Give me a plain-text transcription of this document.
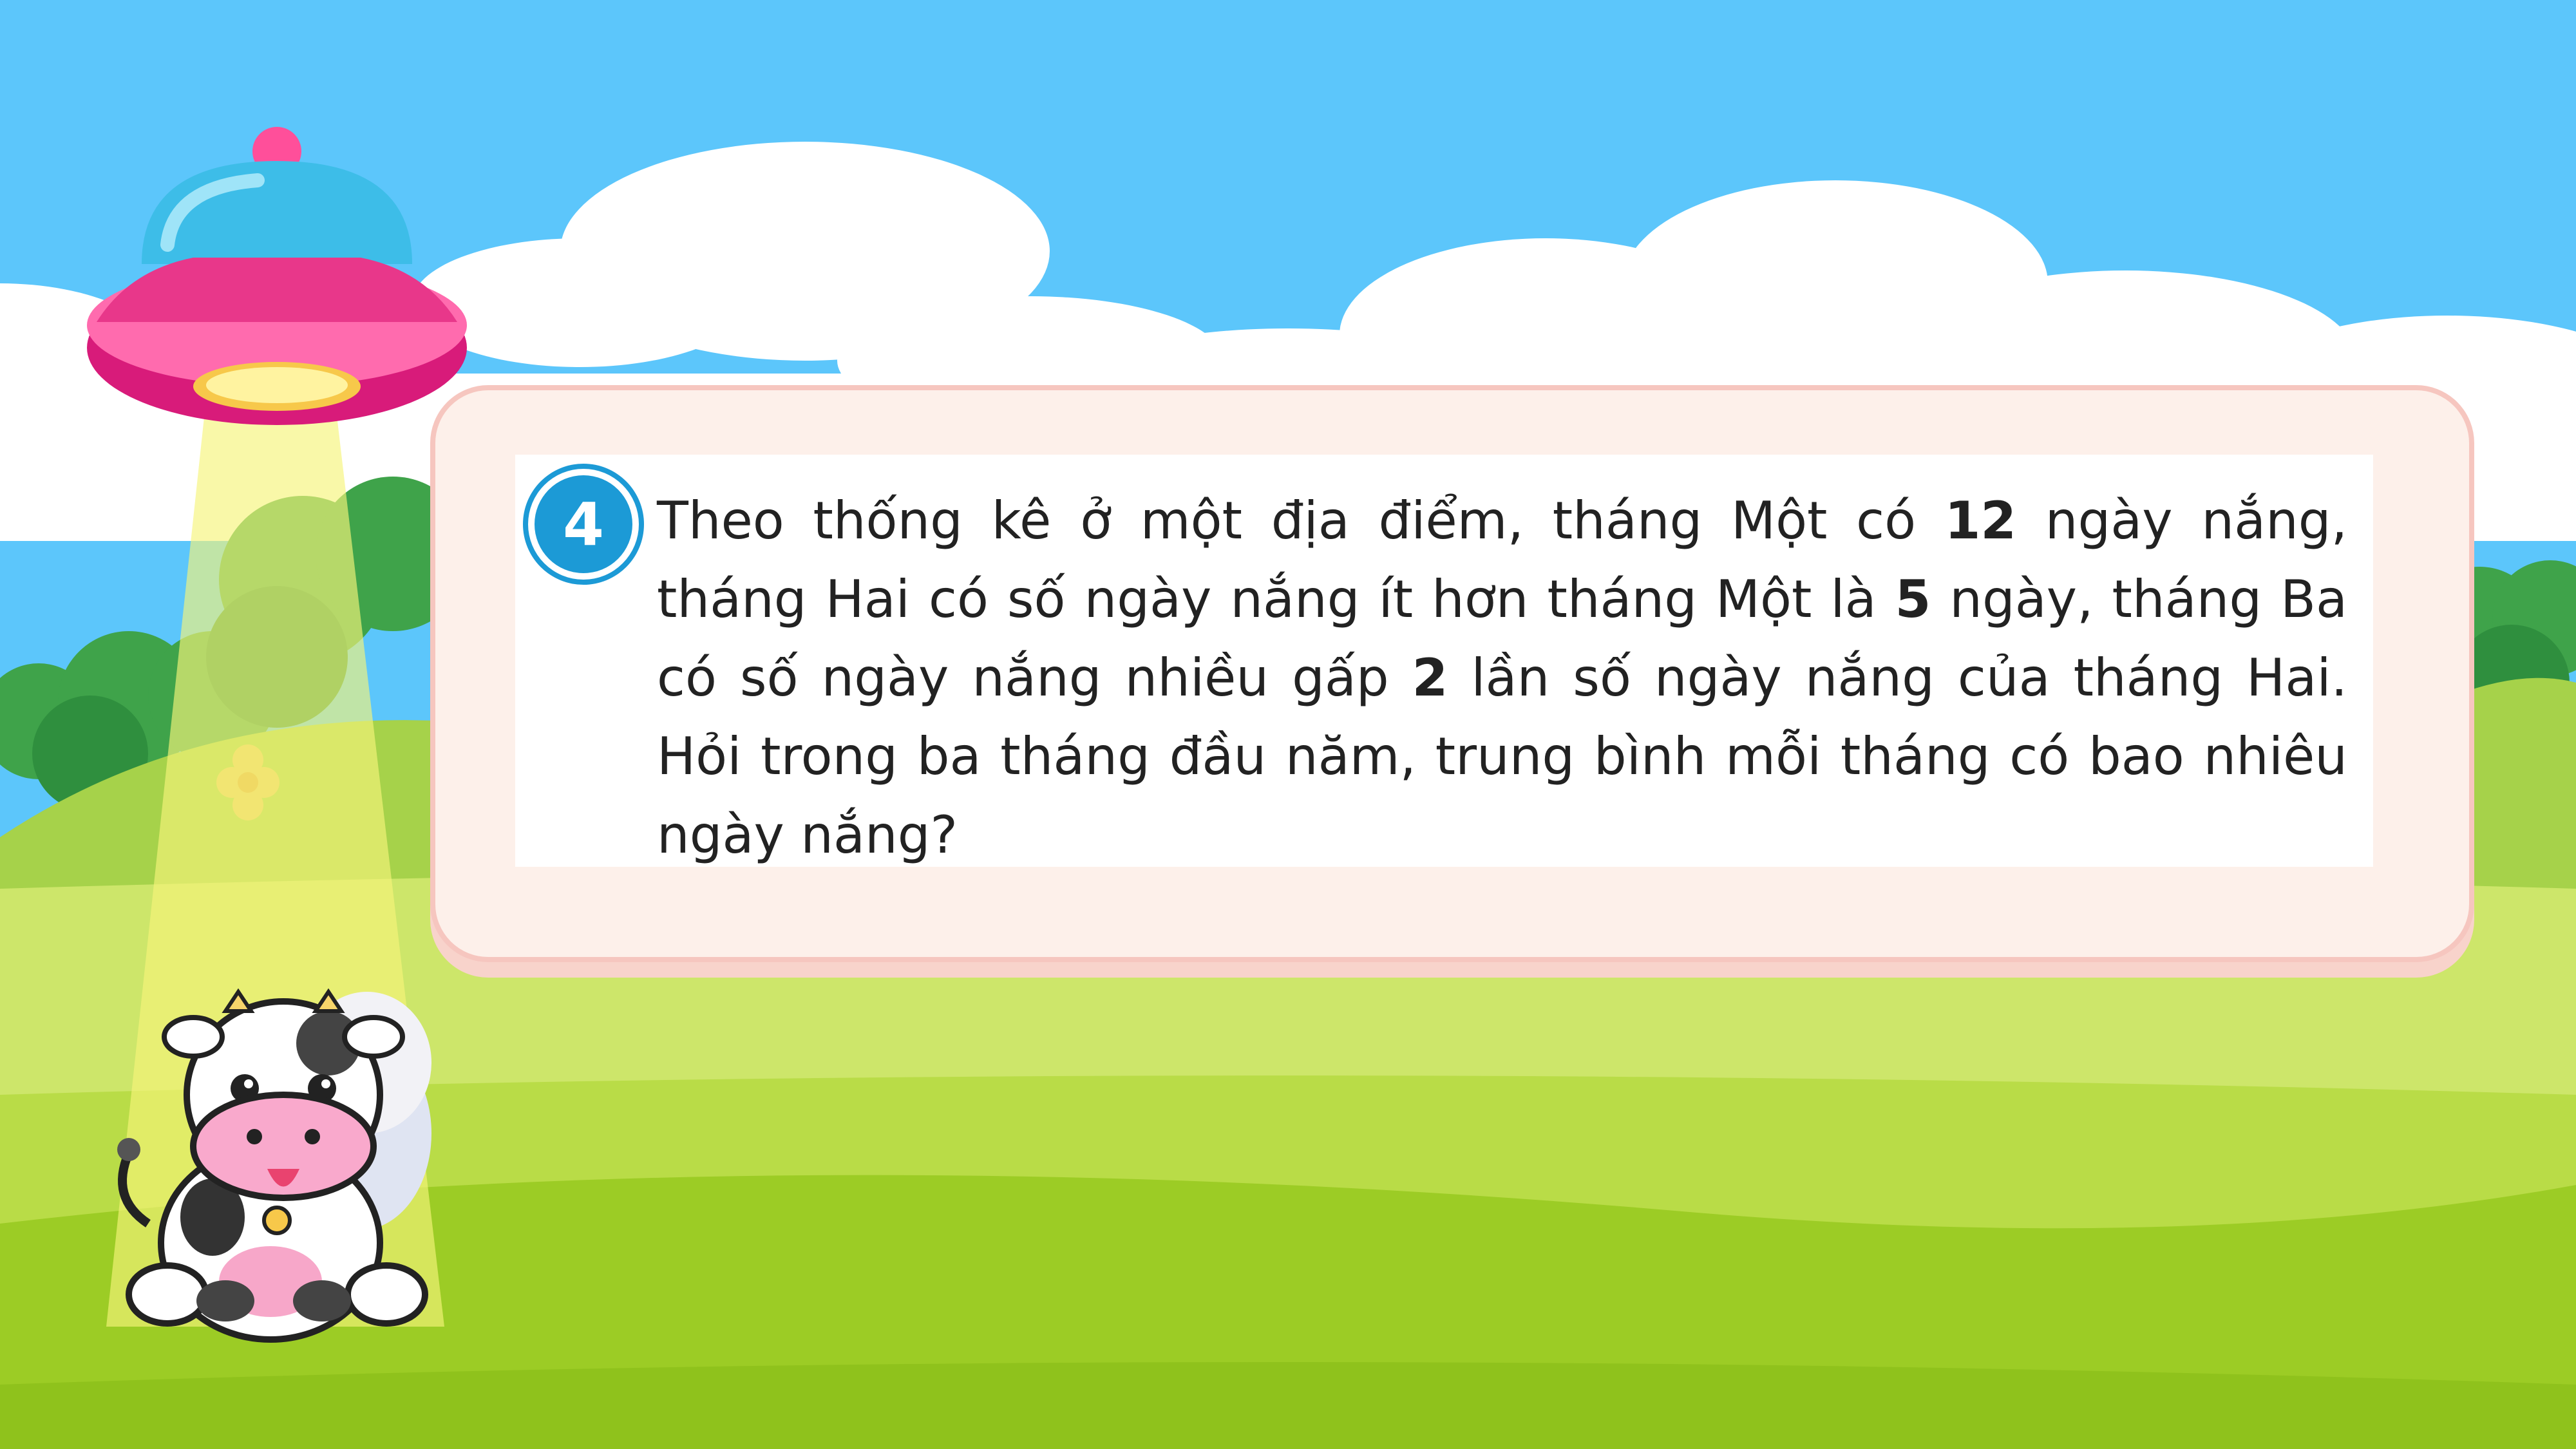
4 Theo thống kê ở một địa điểm, tháng Một có 12 ngày nắng, tháng Hai có số ngày nắng ít hơn tháng Một là 5 ngày, tháng Ba có số ngày nắng nhiều gấp 2 lần số ngày nắng của tháng Hai. Hỏi trong ba tháng đầu năm, trung bình mỗi tháng có bao nhiêu ngày nắng?
